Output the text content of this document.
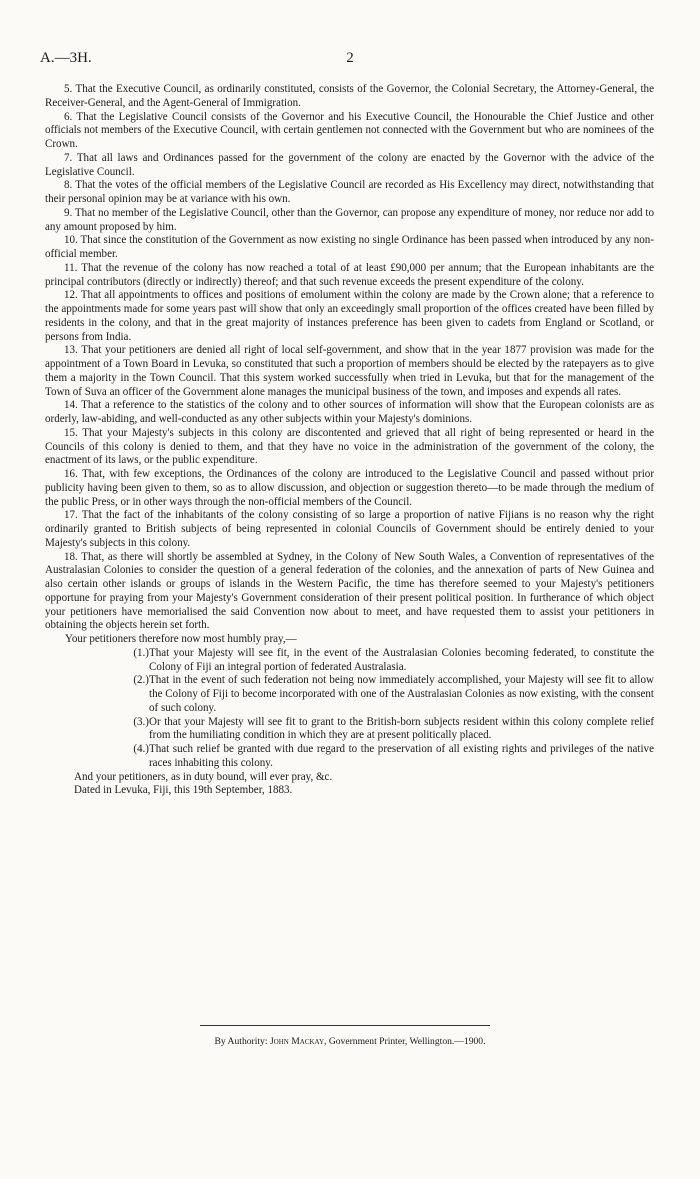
A.—3H.	2

5. That the Executive Council, as ordinarily constituted, consists of the Governor, the Colonial Secretary, the Attorney-General, the Receiver-General, and the Agent-General of Immigration.

6. That the Legislative Council consists of the Governor and his Executive Council, the Honourable the Chief Justice and other officials not members of the Executive Council, with certain gentlemen not connected with the Government but who are nominees of the Crown.

7. That all laws and Ordinances passed for the government of the colony are enacted by the Governor with the advice of the Legislative Council.

8. That the votes of the official members of the Legislative Council are recorded as His Excellency may direct, notwithstanding that their personal opinion may be at variance with his own.

9. That no member of the Legislative Council, other than the Governor, can propose any expenditure of money, nor reduce nor add to any amount proposed by him.

10. That since the constitution of the Government as now existing no single Ordinance has been passed when introduced by any non-official member.

11. That the revenue of the colony has now reached a total of at least £90,000 per annum; that the European inhabitants are the principal contributors (directly or indirectly) thereof; and that such revenue exceeds the present expenditure of the colony.

12. That all appointments to offices and positions of emolument within the colony are made by the Crown alone; that a reference to the appointments made for some years past will show that only an exceedingly small proportion of the offices created have been filled by residents in the colony, and that in the great majority of instances preference has been given to cadets from England or Scotland, or persons from India.

13. That your petitioners are denied all right of local self-government, and show that in the year 1877 provision was made for the appointment of a Town Board in Levuka, so constituted that such a proportion of members should be elected by the ratepayers as to give them a majority in the Town Council. That this system worked successfully when tried in Levuka, but that for the management of the Town of Suva an officer of the Government alone manages the municipal business of the town, and imposes and expends all rates.

14. That a reference to the statistics of the colony and to other sources of information will show that the European colonists are as orderly, law-abiding, and well-conducted as any other subjects within your Majesty's dominions.

15. That your Majesty's subjects in this colony are discontented and grieved that all right of being represented or heard in the Councils of this colony is denied to them, and that they have no voice in the administration of the government of the colony, the enactment of its laws, or the public expenditure.

16. That, with few exceptions, the Ordinances of the colony are introduced to the Legislative Council and passed without prior publicity having been given to them, so as to allow discussion, and objection or suggestion thereto—to be made through the medium of the public Press, or in other ways through the non-official members of the Council.

17. That the fact of the inhabitants of the colony consisting of so large a proportion of native Fijians is no reason why the right ordinarily granted to British subjects of being represented in colonial Councils of Government should be entirely denied to your Majesty's subjects in this colony.

18. That, as there will shortly be assembled at Sydney, in the Colony of New South Wales, a Convention of representatives of the Australasian Colonies to consider the question of a general federation of the colonies, and the annexation of parts of New Guinea and also certain other islands or groups of islands in the Western Pacific, the time has therefore seemed to your Majesty's petitioners opportune for praying from your Majesty's Government consideration of their present political position. In furtherance of which object your petitioners have memorialised the said Convention now about to meet, and have requested them to assist your petitioners in obtaining the objects herein set forth.

Your petitioners therefore now most humbly pray,—

(1.) That your Majesty will see fit, in the event of the Australasian Colonies becoming federated, to constitute the Colony of Fiji an integral portion of federated Australasia.
(2.) That in the event of such federation not being now immediately accomplished, your Majesty will see fit to allow the Colony of Fiji to become incorporated with one of the Australasian Colonies as now existing, with the consent of such colony.
(3.) Or that your Majesty will see fit to grant to the British-born subjects resident within this colony complete relief from the humiliating condition in which they are at present politically placed.
(4.) That such relief be granted with due regard to the preservation of all existing rights and privileges of the native races inhabiting this colony.

And your petitioners, as in duty bound, will ever pray, &c.

Dated in Levuka, Fiji, this 19th September, 1883.

By Authority: John Mackay, Government Printer, Wellington.—1900.
